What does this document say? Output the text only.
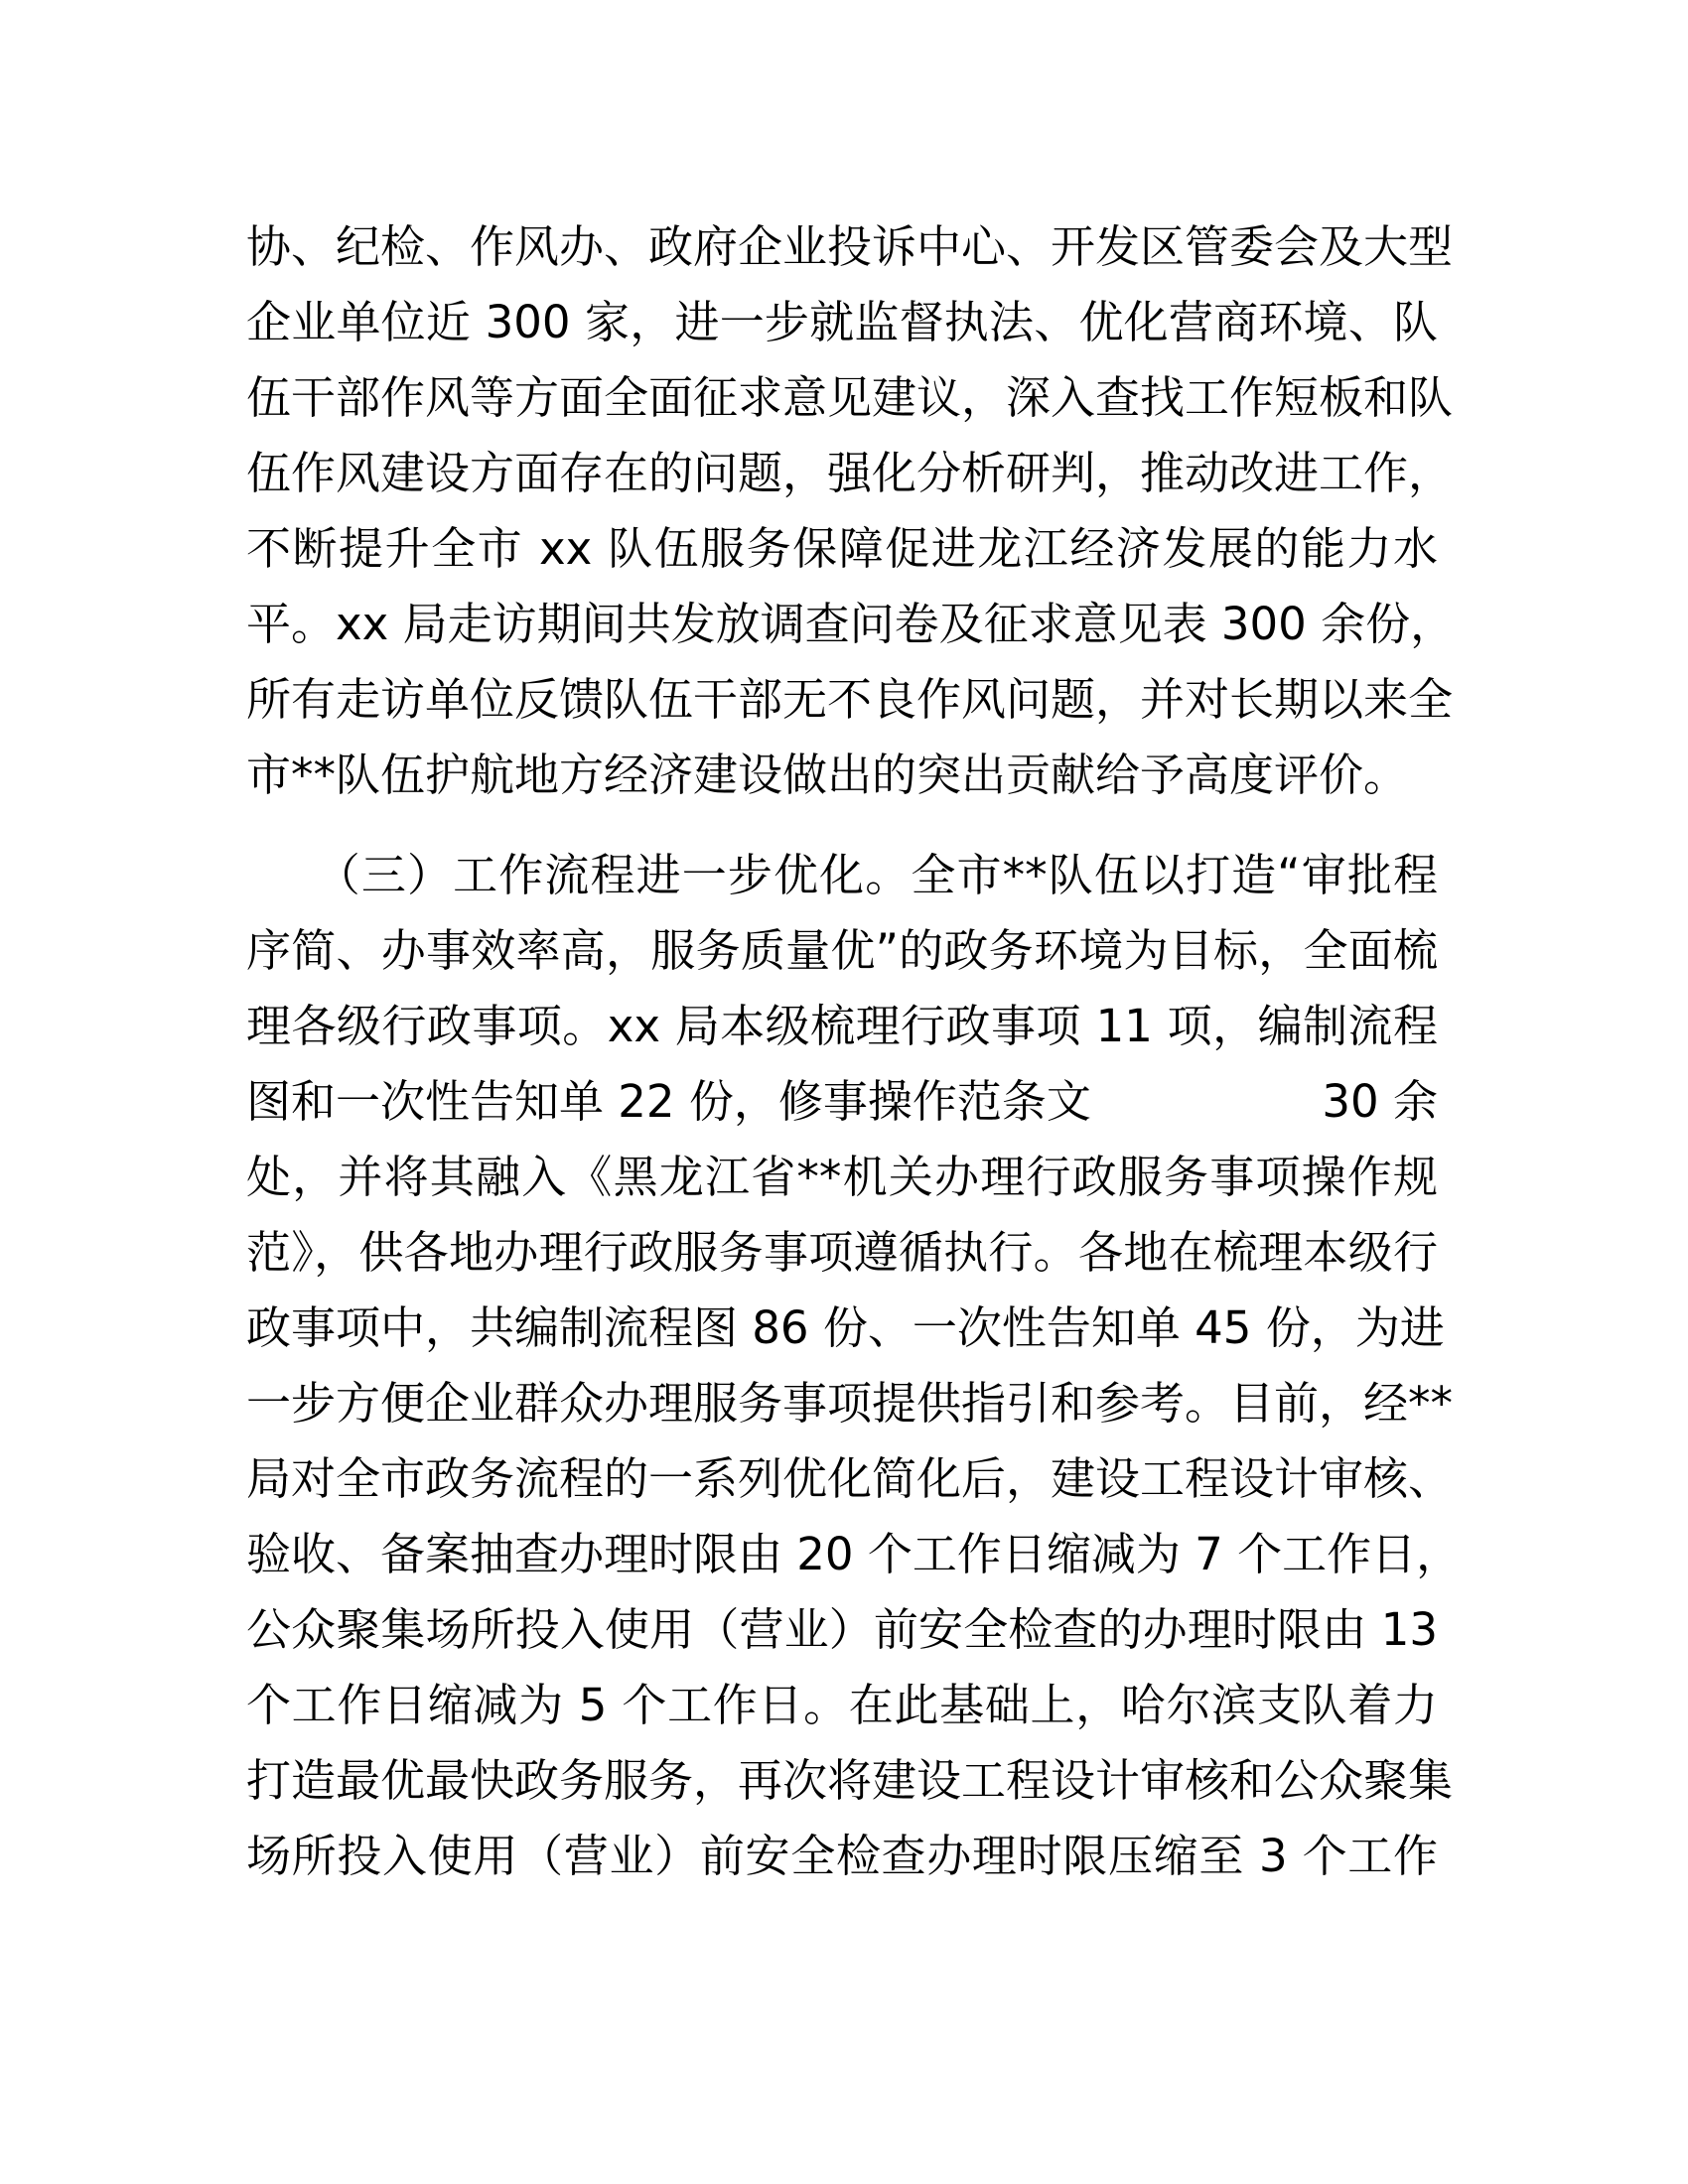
协、纪检、作风办、政府企业投诉中心、开发区管委会及大型
企业单位近 300 家，进一步就监督执法、优化营商环境、队
伍干部作风等方面全面征求意见建议，深入查找工作短板和队
伍作风建设方面存在的问题，强化分析研判，推动改进工作，
不断提升全市 xx 队伍服务保障促进龙江经济发展的能力水
平。xx 局走访期间共发放调查问卷及征求意见表 300 余份，
所有走访单位反馈队伍干部无不良作风问题，并对长期以来全
市**队伍护航地方经济建设做出的突出贡献给予高度评价。
　　（三）工作流程进一步优化。全市**队伍以打造“审批程
序简、办事效率高，服务质量优”的政务环境为目标，全面梳
理各级行政事项。xx 局本级梳理行政事项 11 项，编制流程
图和一次性告知单 22 份，修事操作范条文	30 余
处，并将其融入《黑龙江省**机关办理行政服务事项操作规
范》，供各地办理行政服务事项遵循执行。各地在梳理本级行
政事项中，共编制流程图 86 份、一次性告知单 45 份，为进
一步方便企业群众办理服务事项提供指引和参考。目前，经**
局对全市政务流程的一系列优化简化后，建设工程设计审核、
验收、备案抽查办理时限由 20 个工作日缩减为 7 个工作日，
公众聚集场所投入使用（营业）前安全检查的办理时限由 13
个工作日缩减为 5 个工作日。在此基础上，哈尔滨支队着力
打造最优最快政务服务，再次将建设工程设计审核和公众聚集
场所投入使用（营业）前安全检查办理时限压缩至 3 个工作
